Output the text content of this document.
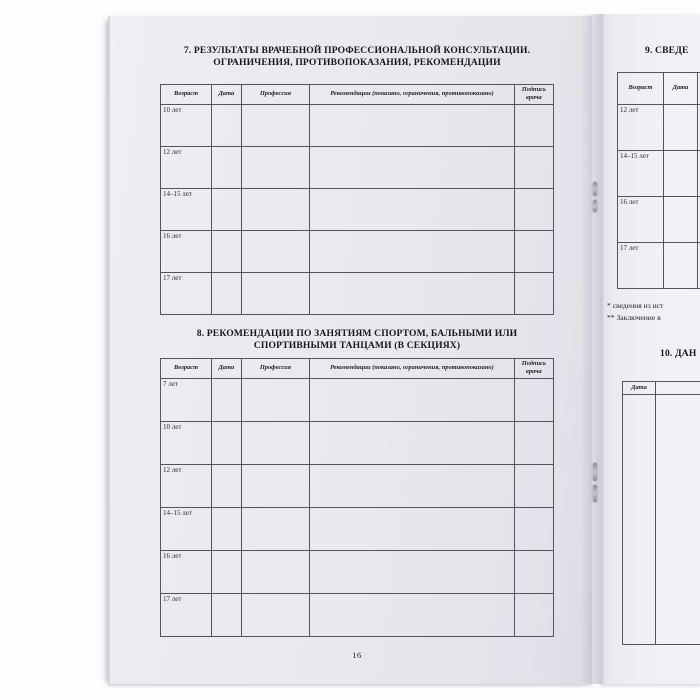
7. РЕЗУЛЬТАТЫ ВРАЧЕБНОЙ ПРОФЕССИОНАЛЬНОЙ КОНСУЛЬТАЦИИ.
ОГРАНИЧЕНИЯ, ПРОТИВОПОКАЗАНИЯ, РЕКОМЕНДАЦИИ
Возраст	Дата	Профессия	Рекомендации (показано, ограничения, противопоказано)	Подпись врача
10 лет				
12 лет				
14–15 лет				
16 лет				
17 лет				
8. РЕКОМЕНДАЦИИ ПО ЗАНЯТИЯМ СПОРТОМ, БАЛЬНЫМИ ИЛИ
СПОРТИВНЫМИ ТАНЦАМИ (В СЕКЦИЯХ)
Возраст	Дата	Профессия	Рекомендации (показано, ограничения, противопоказано)	Подпись врача
7 лет				
10 лет				
12 лет				
14–15 лет				
16 лет				
17 лет				
16
9. СВЕДЕ
Возраст	Дата	
12 лет		
14–15 лет		
16 лет		
17 лет		
* сведения из ист
** Заключение в
10. ДАН
Дата	
